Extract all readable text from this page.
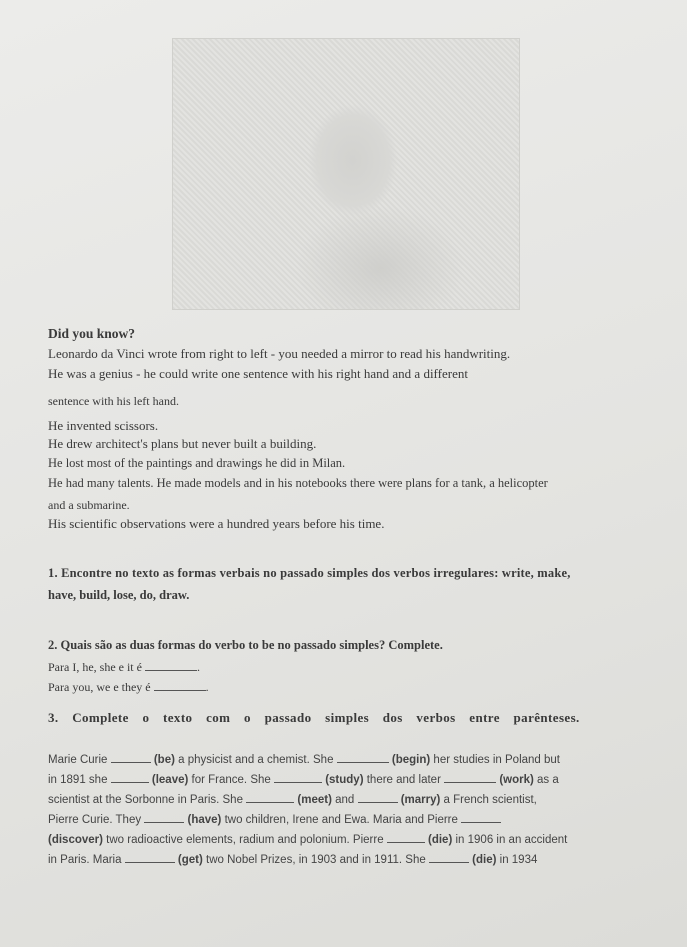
Did you know?
Leonardo da Vinci wrote from right to left - you needed a mirror to read his handwriting.
He was a genius - he could write one sentence with his right hand and a different
sentence with his left hand.
He invented scissors.
He drew architect's plans but never built a building.
He lost most of the paintings and drawings he did in Milan.
He had many talents. He made models and in his notebooks there were plans for a tank, a helicopter
and a submarine.
His scientific observations were a hundred years before his time.
1. Encontre no texto as formas verbais no passado simples dos verbos irregulares: write, make,
have, build, lose, do, draw.
2. Quais são as duas formas do verbo to be no passado simples? Complete.
Para I, he, she e it é	.
Para you, we e they é	.
3. Complete o texto com o passado simples dos verbos entre parênteses.
Marie Curie	(be) a physicist and a chemist. She	(begin) her studies in Poland but
in 1891 she	(leave) for France. She	(study) there and later	(work) as a
scientist at the Sorbonne in Paris. She	(meet) and	(marry) a French scientist,
Pierre Curie. They	(have) two children, Irene and Ewa. Maria and Pierre
(discover) two radioactive elements, radium and polonium. Pierre	(die) in 1906 in an accident
in Paris. Maria	(get) two Nobel Prizes, in 1903 and in 1911. She	(die) in 1934
